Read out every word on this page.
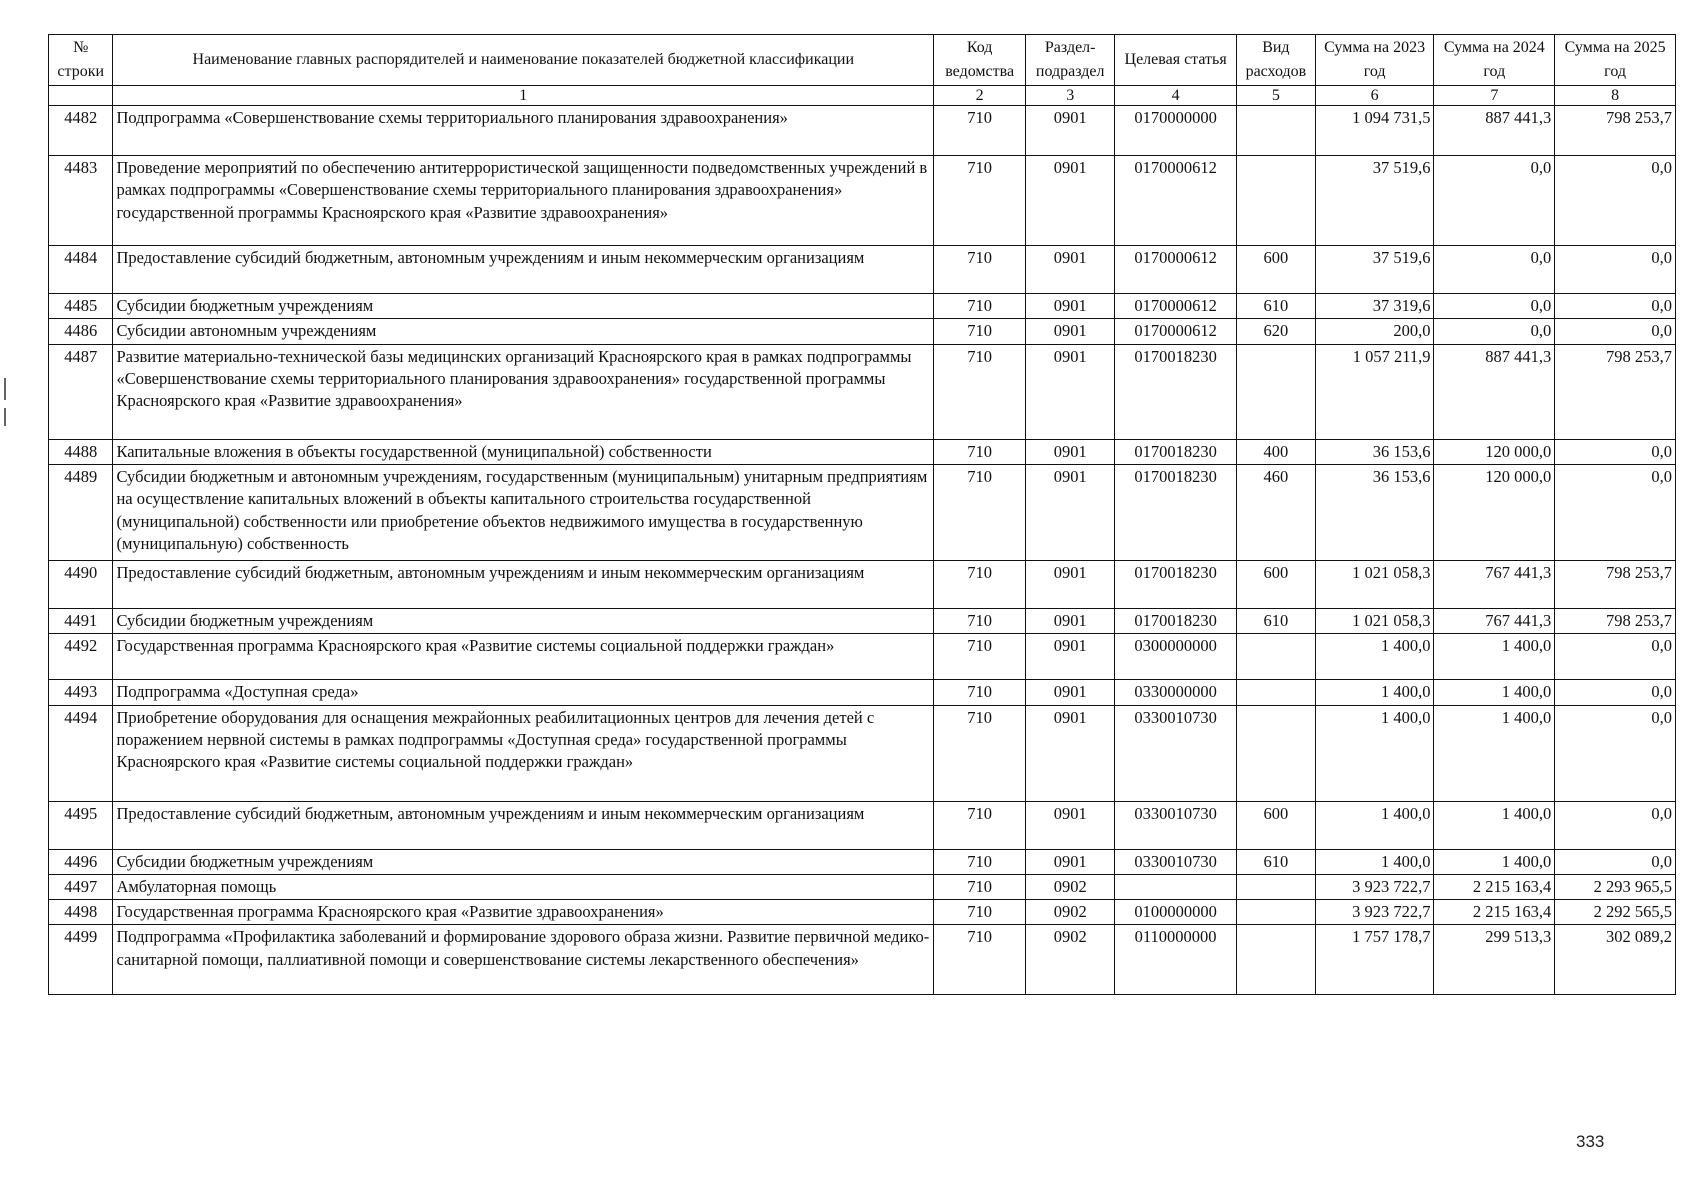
№ строки	Наименование главных распорядителей и наименование показателей бюджетной классификации	Код ведомства	Раздел-подраздел	Целевая статья	Вид расходов	Сумма на 2023 год	Сумма на 2024 год	Сумма на 2025 год
	1	2	3	4	5	6	7	8
4482	Подпрограмма «Совершенствование схемы территориального планирования здравоохранения»	710	0901	0170000000		1 094 731,5	887 441,3	798 253,7
4483	Проведение мероприятий по обеспечению антитеррористической защищенности подведомственных учреждений в рамках подпрограммы «Совершенствование схемы территориального планирования здравоохранения» государственной программы Красноярского края «Развитие здравоохранения»	710	0901	0170000612		37 519,6	0,0	0,0
4484	Предоставление субсидий бюджетным, автономным учреждениям и иным некоммерческим организациям	710	0901	0170000612	600	37 519,6	0,0	0,0
4485	Субсидии бюджетным учреждениям	710	0901	0170000612	610	37 319,6	0,0	0,0
4486	Субсидии автономным учреждениям	710	0901	0170000612	620	200,0	0,0	0,0
4487	Развитие материально-технической базы медицинских организаций Красноярского края в рамках подпрограммы «Совершенствование схемы территориального планирования здравоохранения» государственной программы Красноярского края «Развитие здравоохранения»	710	0901	0170018230		1 057 211,9	887 441,3	798 253,7
4488	Капитальные вложения в объекты государственной (муниципальной) собственности	710	0901	0170018230	400	36 153,6	120 000,0	0,0
4489	Субсидии бюджетным и автономным учреждениям, государственным (муниципальным) унитарным предприятиям на осуществление капитальных вложений в объекты капитального строительства государственной (муниципальной) собственности или приобретение объектов недвижимого имущества в государственную (муниципальную) собственность	710	0901	0170018230	460	36 153,6	120 000,0	0,0
4490	Предоставление субсидий бюджетным, автономным учреждениям и иным некоммерческим организациям	710	0901	0170018230	600	1 021 058,3	767 441,3	798 253,7
4491	Субсидии бюджетным учреждениям	710	0901	0170018230	610	1 021 058,3	767 441,3	798 253,7
4492	Государственная программа Красноярского края «Развитие системы социальной поддержки граждан»	710	0901	0300000000		1 400,0	1 400,0	0,0
4493	Подпрограмма «Доступная среда»	710	0901	0330000000		1 400,0	1 400,0	0,0
4494	Приобретение оборудования для оснащения межрайонных реабилитационных центров для лечения детей с поражением нервной системы в рамках подпрограммы «Доступная среда» государственной программы Красноярского края «Развитие системы социальной поддержки граждан»	710	0901	0330010730		1 400,0	1 400,0	0,0
4495	Предоставление субсидий бюджетным, автономным учреждениям и иным некоммерческим организациям	710	0901	0330010730	600	1 400,0	1 400,0	0,0
4496	Субсидии бюджетным учреждениям	710	0901	0330010730	610	1 400,0	1 400,0	0,0
4497	Амбулаторная помощь	710	0902			3 923 722,7	2 215 163,4	2 293 965,5
4498	Государственная программа Красноярского края «Развитие здравоохранения»	710	0902	0100000000		3 923 722,7	2 215 163,4	2 292 565,5
4499	Подпрограмма «Профилактика заболеваний и формирование здорового образа жизни. Развитие первичной медико-санитарной помощи, паллиативной помощи и совершенствование системы лекарственного обеспечения»	710	0902	0110000000		1 757 178,7	299 513,3	302 089,2
333
